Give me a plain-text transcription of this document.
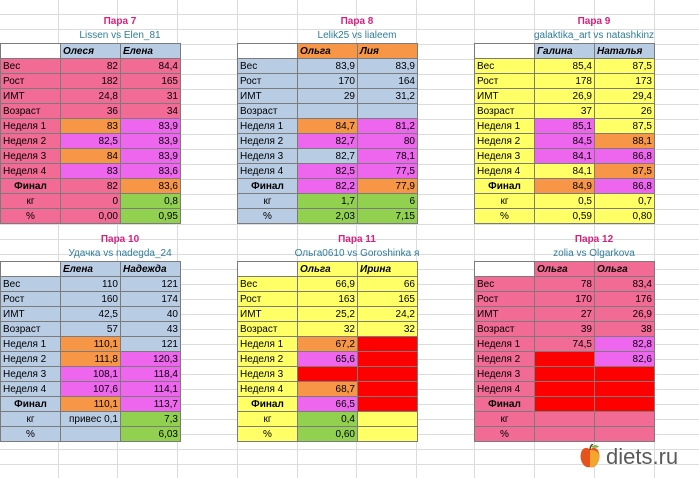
Пара 7
Lissen vs Elen_81
	Олеся	Елена
Вес	82	84,4
Рост	182	165
ИМТ	24,8	31
Возраст	36	34
Неделя 1	83	83,9
Неделя 2	82,5	83,9
Неделя 3	84	83,9
Неделя 4	83	83,6
Финал	82	83,6
кг	0	0,8
%	0,00	0,95
Пара 8
Lelik25 vs lialeem
	Ольга	Лия
Вес	83,9	83,9
Рост	170	164
ИМТ	29	31,2
Возраст		
Неделя 1	84,7	81,2
Неделя 2	82,7	80
Неделя 3	82,7	78,1
Неделя 4	82,5	77,5
Финал	82,2	77,9
кг	1,7	6
%	2,03	7,15
Пара 9
galaktika_art vs natashkinz
	Галина	Наталья
Вес	85,4	87,5
Рост	178	173
ИМТ	26,9	29,4
Возраст	37	26
Неделя 1	85,1	87,5
Неделя 2	84,5	88,1
Неделя 3	84,1	86,8
Неделя 4	84,1	87,5
Финал	84,9	86,8
кг	0,5	0,7
%	0,59	0,80
Пара 10
Удачка vs nadegda_24
	Елена	Надежда
Вес	110	121
Рост	160	174
ИМТ	42,5	40
Возраст	57	43
Неделя 1	110,1	121
Неделя 2	111,8	120,3
Неделя 3	108,1	118,4
Неделя 4	107,6	114,1
Финал	110,1	113,7
кг	привес 0,1	7,3
%		6,03
Пара 11
Ольга0610 vs Goroshinka я
	Ольга	Ирина
Вес	66,9	66
Рост	163	165
ИМТ	25,2	24,2
Возраст	32	32
Неделя 1	67,2	
Неделя 2	65,6	
Неделя 3		
Неделя 4	68,7	
Финал	66,5	
кг	0,4	
%	0,60	
Пара 12
zolia vs Olgarkova
	Ольга	Ольга
Вес	78	83,4
Рост	170	176
ИМТ	27	26,9
Возраст	39	38
Неделя 1	74,5	82,8
Неделя 2		82,6
Неделя 3		
Неделя 4		
Финал		
кг		
%		
diets.ru
